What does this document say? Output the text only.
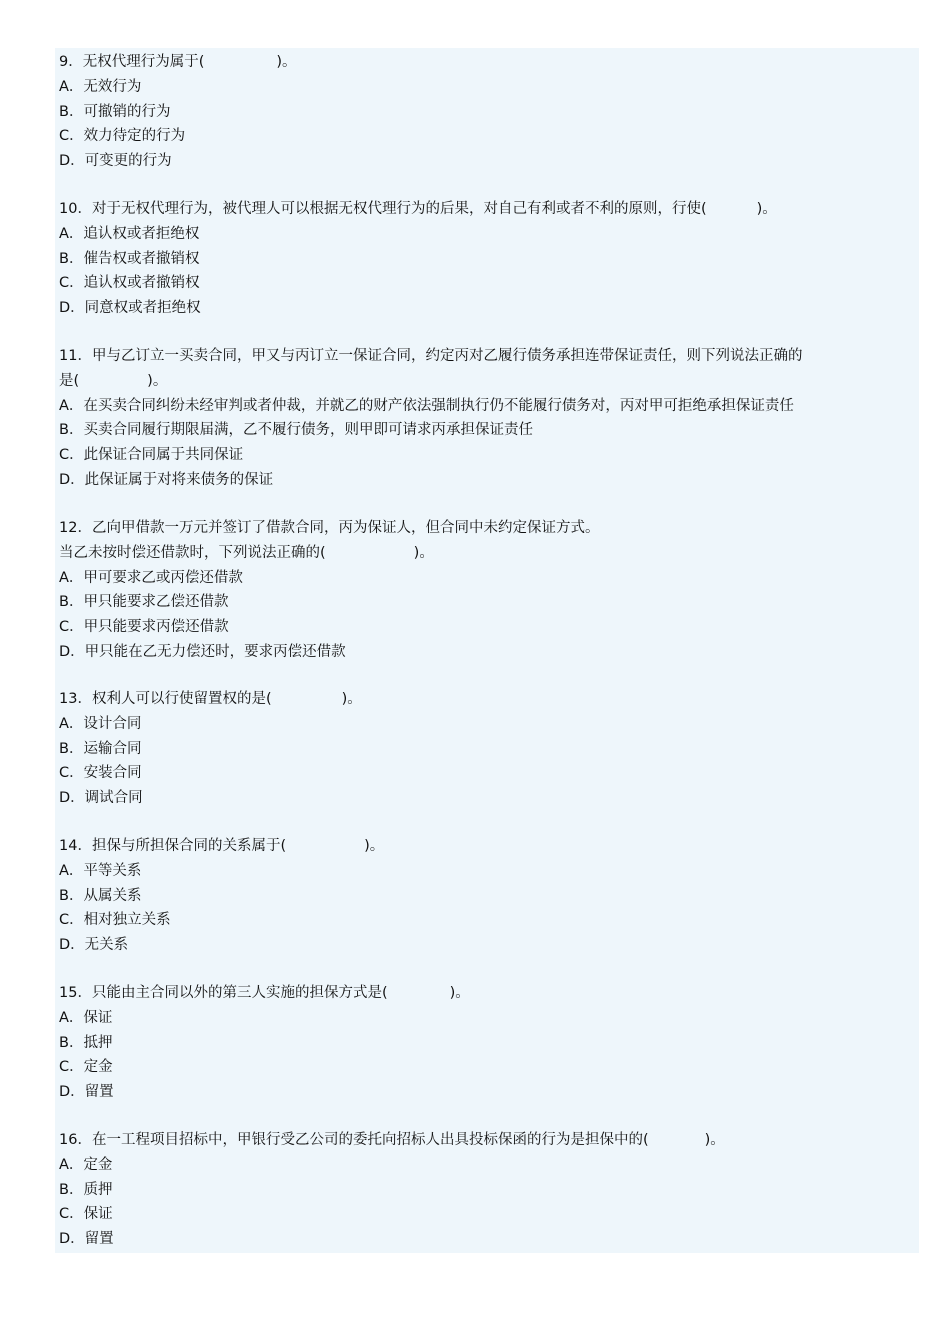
9．无权代理行为属于(	)。
A．无效行为
B．可撤销的行为
C．效力待定的行为
D．可变更的行为
10．对于无权代理行为，被代理人可以根据无权代理行为的后果，对自己有利或者不利的原则，行使(	)。
A．追认权或者拒绝权
B．催告权或者撤销权
C．追认权或者撤销权
D．同意权或者拒绝权
11．甲与乙订立一买卖合同，甲又与丙订立一保证合同，约定丙对乙履行债务承担连带保证责任，则下列说法正确的
是(	)。
A．在买卖合同纠纷未经审判或者仲裁，并就乙的财产依法强制执行仍不能履行债务对，丙对甲可拒绝承担保证责任
B．买卖合同履行期限届满，乙不履行债务，则甲即可请求丙承担保证责任
C．此保证合同属于共同保证
D．此保证属于对将来债务的保证
12．乙向甲借款一万元并签订了借款合同，丙为保证人，但合同中未约定保证方式。
当乙未按时偿还借款时，下列说法正确的(	)。
A．甲可要求乙或丙偿还借款
B．甲只能要求乙偿还借款
C．甲只能要求丙偿还借款
D．甲只能在乙无力偿还时，要求丙偿还借款
13．权利人可以行使留置权的是(	)。
A．设计合同
B．运输合同
C．安装合同
D．调试合同
14．担保与所担保合同的关系属于(	)。
A．平等关系
B．从属关系
C．相对独立关系
D．无关系
15．只能由主合同以外的第三人实施的担保方式是(	)。
A．保证
B．抵押
C．定金
D．留置
16．在一工程项目招标中，甲银行受乙公司的委托向招标人出具投标保函的行为是担保中的(	)。
A．定金
B．质押
C．保证
D．留置
